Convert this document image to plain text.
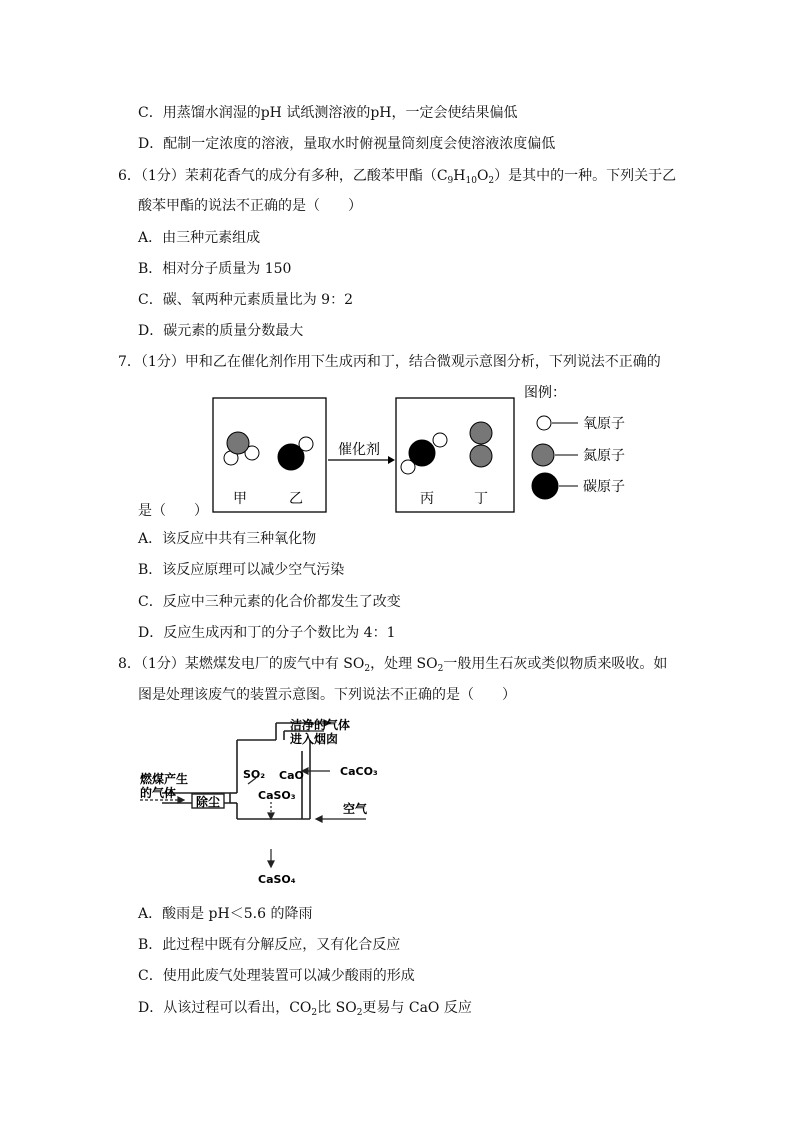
C．用蒸馏水润湿的pH 试纸测溶液的pH，一定会使结果偏低
D．配制一定浓度的溶液，量取水时俯视量筒刻度会使溶液浓度偏低
6．（1分）茉莉花香气的成分有多种，乙酸苯甲酯$(C_9H_{10}O_2)$是其中的一种。下列关于乙
酸苯甲酯的说法不正确的是（　　）
A．由三种元素组成
B．相对分子质量为 150
C．碳、氧两种元素质量比为 9：2
D．碳元素的质量分数最大
7．（1分）甲和乙在催化剂作用下生成丙和丁，结合微观示意图分析，下列说法不正确的
甲	乙
催化剂
丙	丁
图例：
氧原子
氮原子
碳原子
是（　　）
A．该反应中共有三种氧化物
B．该反应原理可以减少空气污染
C．反应中三种元素的化合价都发生了改变
D．反应生成丙和丁的分子个数比为 4：1
8．（1分）某燃煤发电厂的废气中有 $SO_2$，处理 $SO_2$一般用生石灰或类似物质来吸收。如
图是处理该废气的装置示意图。下列说法不正确的是（　　）
除尘
洁净的气体
进入烟囱
CaCO₃
燃煤产生
的气体
SO₂ CaO
CaSO₃
空气
CaSO₄
A．酸雨是 pH＜5.6 的降雨
B．此过程中既有分解反应，又有化合反应
C．使用此废气处理装置可以减少酸雨的形成
D．从该过程可以看出，$CO_2$比 $SO_2$更易与 CaO 反应
